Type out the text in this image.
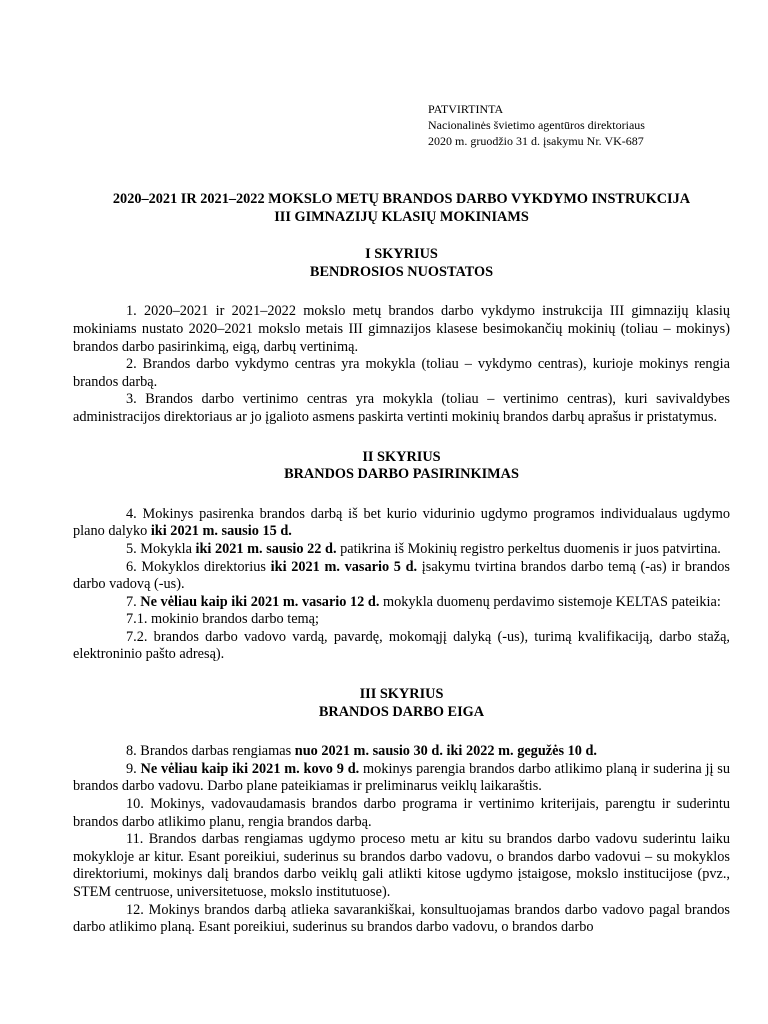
PATVIRTINTA
Nacionalinės švietimo agentūros direktoriaus
2020 m. gruodžio 31 d. įsakymu Nr. VK-687
2020–2021 IR 2021–2022 MOKSLO METŲ BRANDOS DARBO VYKDYMO INSTRUKCIJA
III GIMNAZIJŲ KLASIŲ MOKINIAMS
I SKYRIUS
BENDROSIOS NUOSTATOS

1. 2020–2021 ir 2021–2022 mokslo metų brandos darbo vykdymo instrukcija III gimnazijų klasių mokiniams nustato 2020–2021 mokslo metais III gimnazijos klasese besimokančių mokinių (toliau – mokinys) brandos darbo pasirinkimą, eigą, darbų vertinimą.

2. Brandos darbo vykdymo centras yra mokykla (toliau – vykdymo centras), kurioje mokinys rengia brandos darbą.

3. Brandos darbo vertinimo centras yra mokykla (toliau – vertinimo centras), kuri savivaldybes administracijos direktoriaus ar jo įgalioto asmens paskirta vertinti mokinių brandos darbų aprašus ir pristatymus.

II SKYRIUS
BRANDOS DARBO PASIRINKIMAS

4. Mokinys pasirenka brandos darbą iš bet kurio vidurinio ugdymo programos individualaus ugdymo plano dalyko iki 2021 m. sausio 15 d.

5. Mokykla iki 2021 m. sausio 22 d. patikrina iš Mokinių registro perkeltus duomenis ir juos patvirtina.

6. Mokyklos direktorius iki 2021 m. vasario 5 d. įsakymu tvirtina brandos darbo temą (-as) ir brandos darbo vadovą (-us).

7. Ne vėliau kaip iki 2021 m. vasario 12 d. mokykla duomenų perdavimo sistemoje KELTAS pateikia:

7.1. mokinio brandos darbo temą;

7.2. brandos darbo vadovo vardą, pavardę, mokomąjį dalyką (-us), turimą kvalifikaciją, darbo stažą, elektroninio pašto adresą).

III SKYRIUS
BRANDOS DARBO EIGA

8. Brandos darbas rengiamas nuo 2021 m. sausio 30 d. iki 2022 m. gegužės 10 d.

9. Ne vėliau kaip iki 2021 m. kovo 9 d. mokinys parengia brandos darbo atlikimo planą ir suderina jį su brandos darbo vadovu. Darbo plane pateikiamas ir preliminarus veiklų laikaraštis.

10. Mokinys, vadovaudamasis brandos darbo programa ir vertinimo kriterijais, parengtu ir suderintu brandos darbo atlikimo planu, rengia brandos darbą.

11. Brandos darbas rengiamas ugdymo proceso metu ar kitu su brandos darbo vadovu suderintu laiku mokykloje ar kitur. Esant poreikiui, suderinus su brandos darbo vadovu, o brandos darbo vadovui – su mokyklos direktoriumi, mokinys dalį brandos darbo veiklų gali atlikti kitose ugdymo įstaigose, mokslo institucijose (pvz., STEM centruose, universitetuose, mokslo institutuose).

12. Mokinys brandos darbą atlieka savarankiškai, konsultuojamas brandos darbo vadovo pagal brandos darbo atlikimo planą. Esant poreikiui, suderinus su brandos darbo vadovu, o brandos darbo
